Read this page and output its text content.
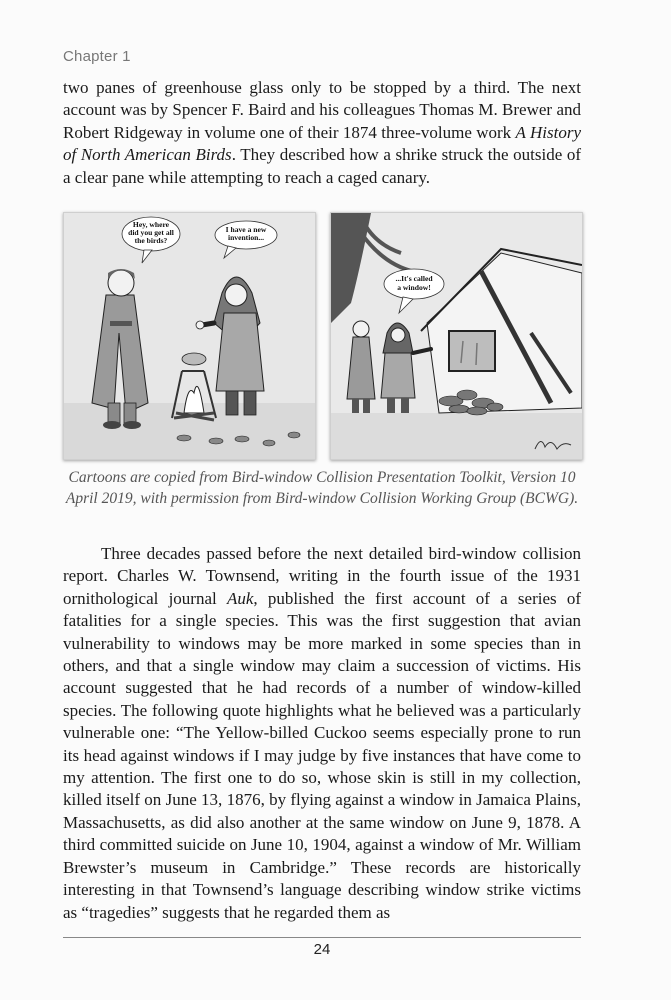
Chapter 1

two panes of greenhouse glass only to be stopped by a third. The next account was by Spencer F. Baird and his colleagues Thomas M. Brewer and Robert Ridgeway in volume one of their 1874 three-volume work A History of North American Birds. They described how a shrike struck the outside of a clear pane while attempting to reach a caged canary.

Hey, where
did you get all
the birds?
I have a new
invention...
...It's called
a window!
Cartoons are copied from Bird-window Collision Presentation Toolkit, Version 10 April 2019, with permission from Bird-window Collision Working Group (BCWG).

Three decades passed before the next detailed bird-window collision report. Charles W. Townsend, writing in the fourth issue of the 1931 ornithological journal Auk, published the first account of a series of fatalities for a single species. This was the first suggestion that avian vulnerability to windows may be more marked in some species than in others, and that a single window may claim a succession of victims. His account suggested that he had records of a number of window-killed species. The following quote highlights what he believed was a particularly vulnerable one: “The Yellow-billed Cuckoo seems especially prone to run its head against windows if I may judge by five instances that have come to my attention. The first one to do so, whose skin is still in my collection, killed itself on June 13, 1876, by flying against a window in Jamaica Plains, Massachusetts, as did also another at the same window on June 9, 1878. A third committed suicide on June 10, 1904, against a window of Mr. William Brewster’s museum in Cambridge.” These records are historically interesting in that Townsend’s language describing window strike victims as “tragedies” suggests that he regarded them as

24
